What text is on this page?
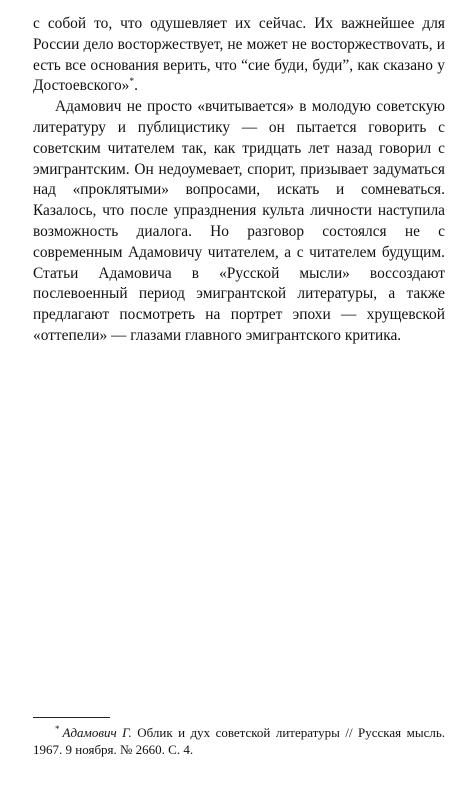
с собой то, что одушевляет их сейчас. Их важнейшее для России дело восторжествует, не может не восторжествоvать, и есть все основания верить, что “сие буди, буди”, как сказано у Достоевского»*.

Адамович не просто «вчитывается» в молодую советскую литературу и публицистику — он пытается говорить с советским читателем так, как тридцать лет назад говорил с эмигрантским. Он недоумевает, спорит, призывает задуматься над «проклятыми» вопросами, искать и сомневаться. Казалось, что после упразднения культа личности наступила возможность диалога. Но разговор состоялся не с современным Адамовичу читателем, а с читателем будущим. Статьи Адамовича в «Русской мысли» воссоздают послевоенный период эмигрантской литературы, а также предлагают посмотреть на портрет эпохи — хрущевской «оттепели» — глазами главного эмигрантского критика.

* Адамович Г. Облик и дух советской литературы // Русская мысль. 1967. 9 ноября. № 2660. С. 4.
